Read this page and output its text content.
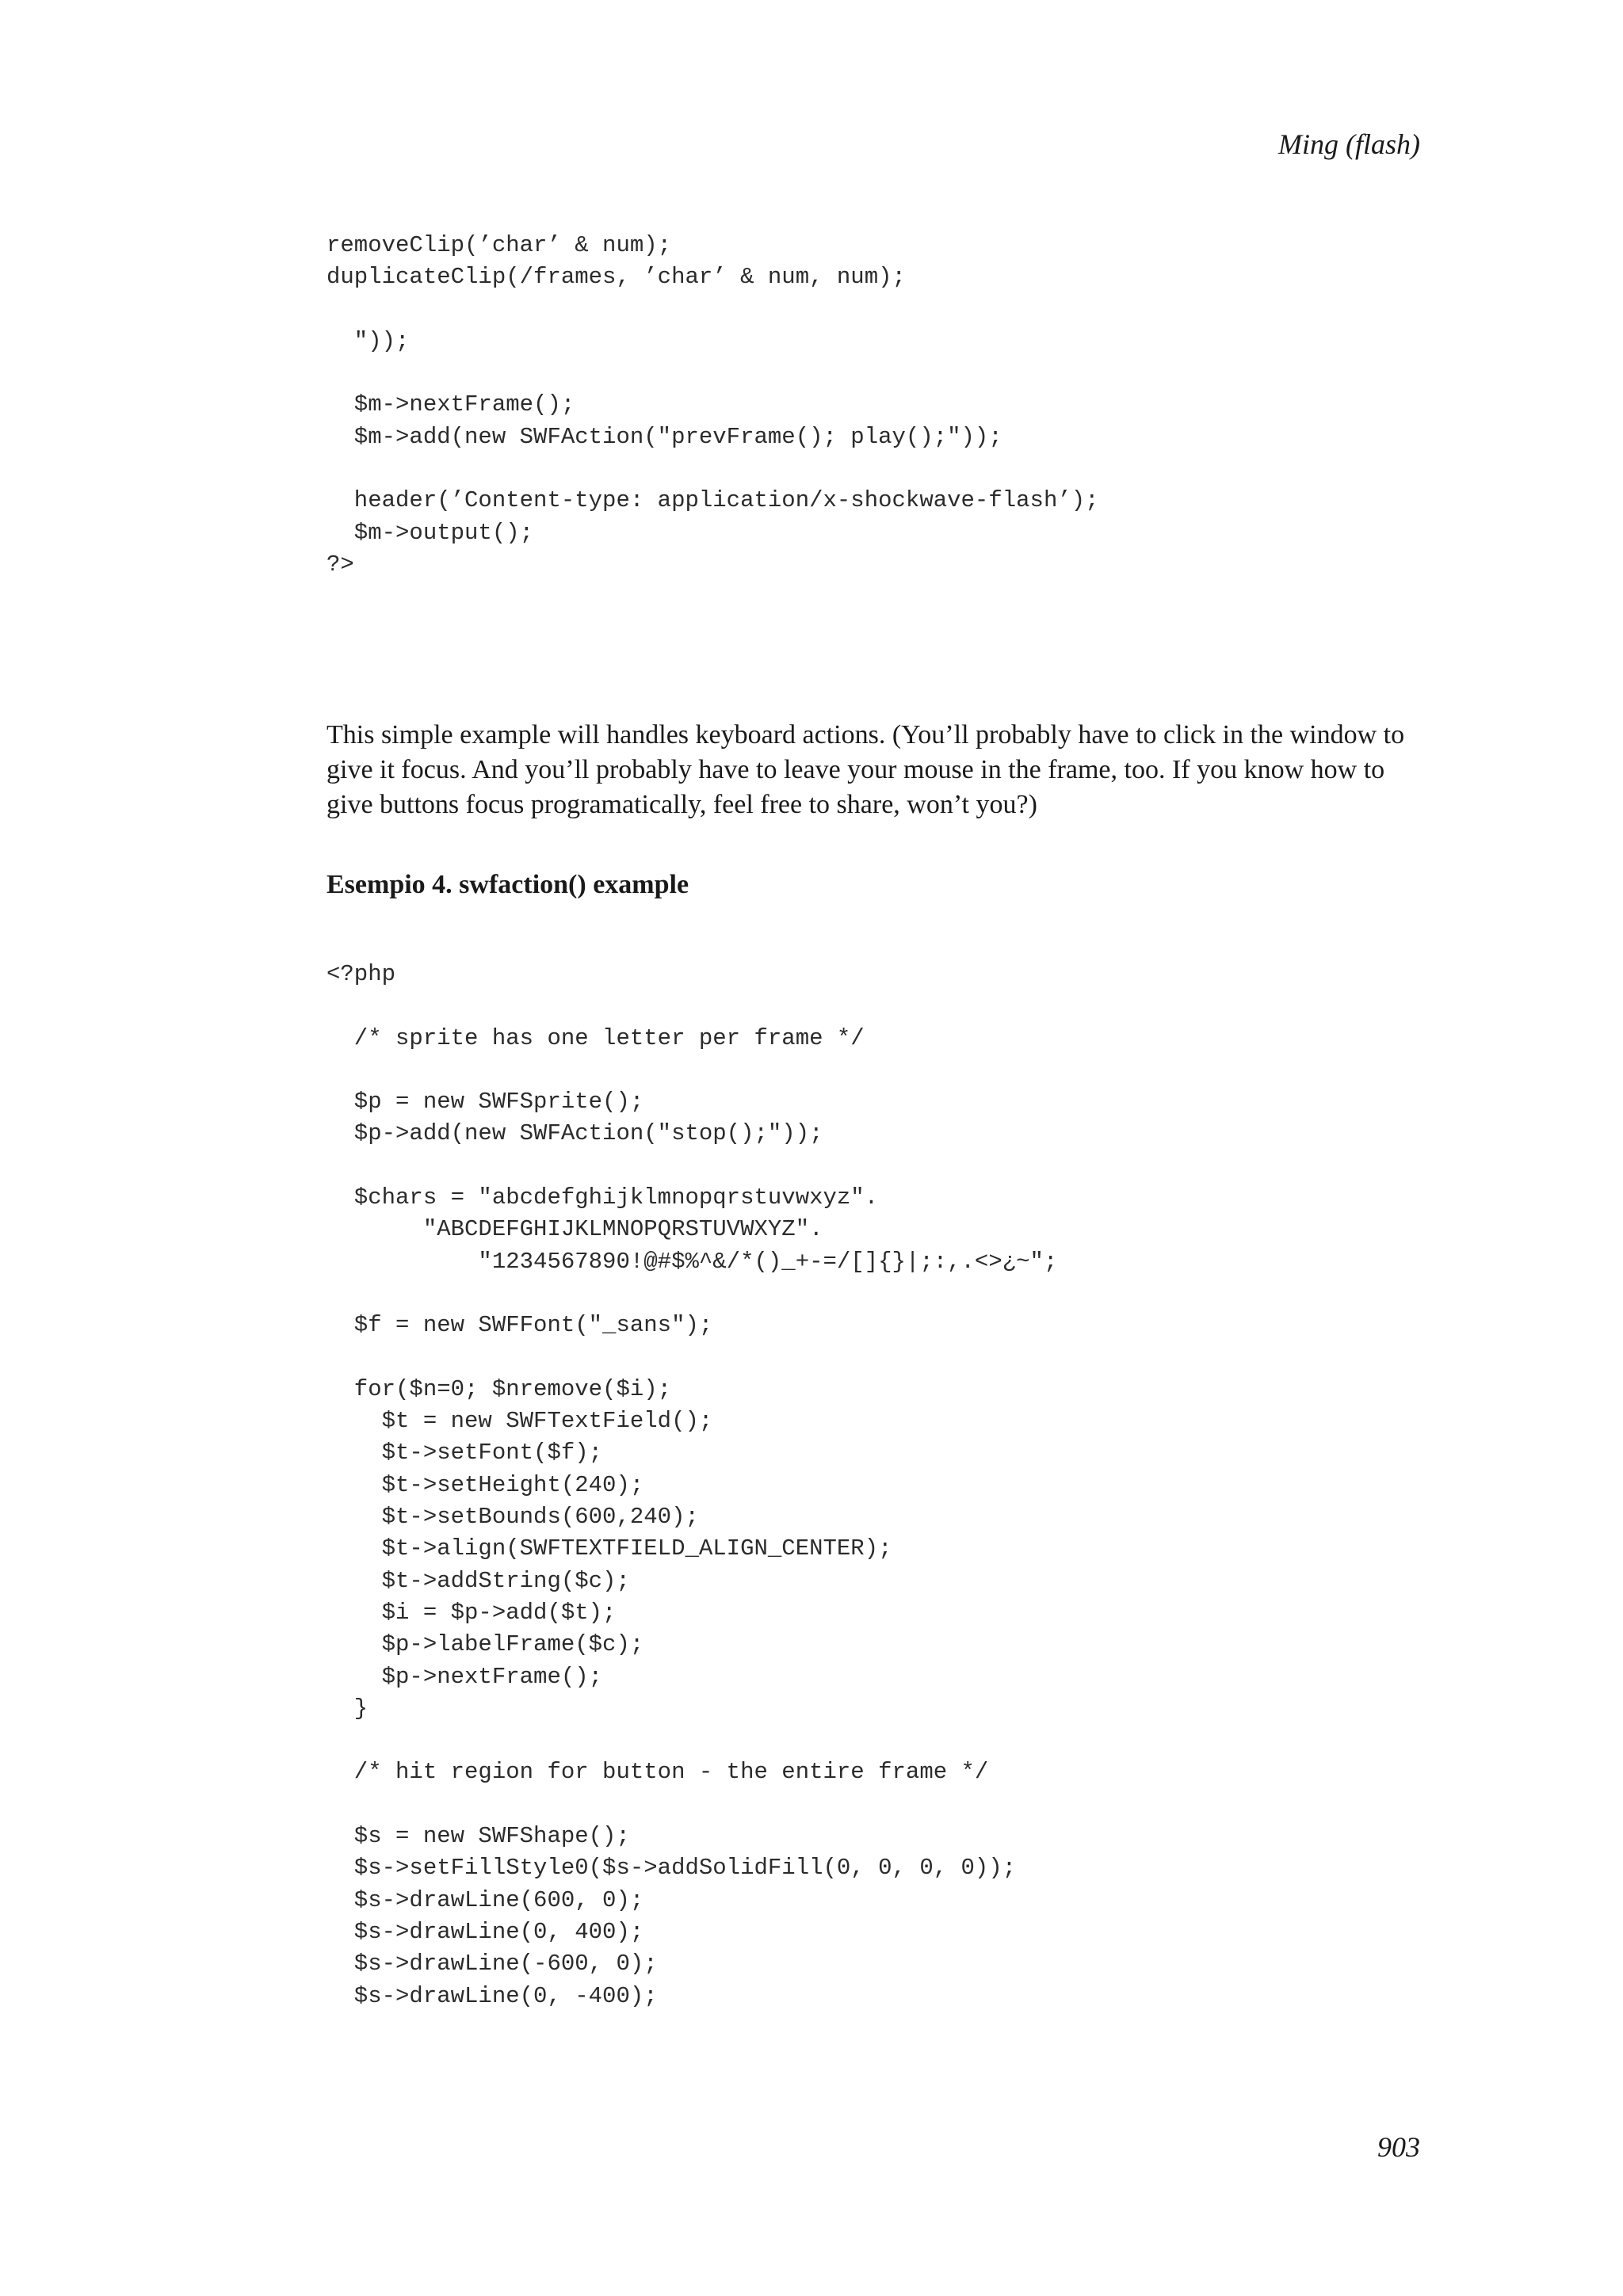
Ming (flash)

removeClip(’char’ & num);
duplicateClip(/frames, ’char’ & num, num);

"));

$m->nextFrame();
$m->add(new SWFAction("prevFrame(); play();"));

header(’Content-type: application/x-shockwave-flash’);
$m->output();
?>

This simple example will handles keyboard actions. (You’ll probably have to click in the window to give it focus. And you’ll probably have to leave your mouse in the frame, too. If you know how to give buttons focus programatically, feel free to share, won’t you?)

Esempio 4. swfaction() example

<?php

/* sprite has one letter per frame */

$p = new SWFSprite();
$p->add(new SWFAction("stop();"));

$chars = "abcdefghijklmnopqrstuvwxyz".
"ABCDEFGHIJKLMNOPQRSTUVWXYZ".
"1234567890!@#$%^&/*()_+-=/[]{}|;:,.<>¿~";

$f = new SWFFont("_sans");

for($n=0; $nremove($i);
$t = new SWFTextField();
$t->setFont($f);
$t->setHeight(240);
$t->setBounds(600,240);
$t->align(SWFTEXTFIELD_ALIGN_CENTER);
$t->addString($c);
$i = $p->add($t);
$p->labelFrame($c);
$p->nextFrame();
}

/* hit region for button - the entire frame */

$s = new SWFShape();
$s->setFillStyle0($s->addSolidFill(0, 0, 0, 0));
$s->drawLine(600, 0);
$s->drawLine(0, 400);
$s->drawLine(-600, 0);
$s->drawLine(0, -400);

903
